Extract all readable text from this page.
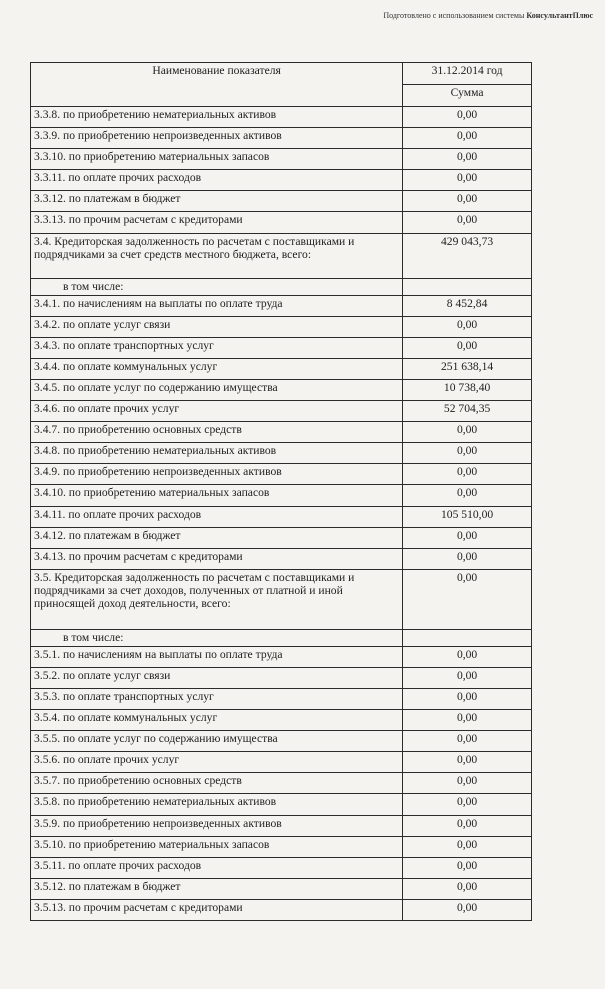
Подготовлено с использованием системы КонсультантПлюс
Наименование показателя	31.12.2014 год
	Сумма
3.3.8. по приобретению нематериальных активов	0,00
3.3.9. по приобретению непроизведенных активов	0,00
3.3.10. по приобретению материальных запасов	0,00
3.3.11. по оплате прочих расходов	0,00
3.3.12. по платежам в бюджет	0,00
3.3.13. по прочим расчетам с кредиторами	0,00
3.4. Кредиторская задолженность по расчетам с поставщиками и подрядчиками за счет средств местного бюджета, всего:	429 043,73
в том числе:	
3.4.1. по начислениям на выплаты по оплате труда	8 452,84
3.4.2. по оплате услуг связи	0,00
3.4.3. по оплате транспортных услуг	0,00
3.4.4. по оплате коммунальных услуг	251 638,14
3.4.5. по оплате услуг по содержанию имущества	10 738,40
3.4.6. по оплате прочих услуг	52 704,35
3.4.7. по приобретению основных средств	0,00
3.4.8. по приобретению нематериальных активов	0,00
3.4.9. по приобретению непроизведенных активов	0,00
3.4.10. по приобретению материальных запасов	0,00
3.4.11. по оплате прочих расходов	105 510,00
3.4.12. по платежам в бюджет	0,00
3.4.13. по прочим расчетам с кредиторами	0,00
3.5. Кредиторская задолженность по расчетам с поставщиками и подрядчиками за счет доходов, полученных от платной и иной приносящей доход деятельности, всего:	0,00
в том числе:	
3.5.1. по начислениям на выплаты по оплате труда	0,00
3.5.2. по оплате услуг связи	0,00
3.5.3. по оплате транспортных услуг	0,00
3.5.4. по оплате коммунальных услуг	0,00
3.5.5. по оплате услуг по содержанию имущества	0,00
3.5.6. по оплате прочих услуг	0,00
3.5.7. по приобретению основных средств	0,00
3.5.8. по приобретению нематериальных активов	0,00
3.5.9. по приобретению непроизведенных активов	0,00
3.5.10. по приобретению материальных запасов	0,00
3.5.11. по оплате прочих расходов	0,00
3.5.12. по платежам в бюджет	0,00
3.5.13. по прочим расчетам с кредиторами	0,00
